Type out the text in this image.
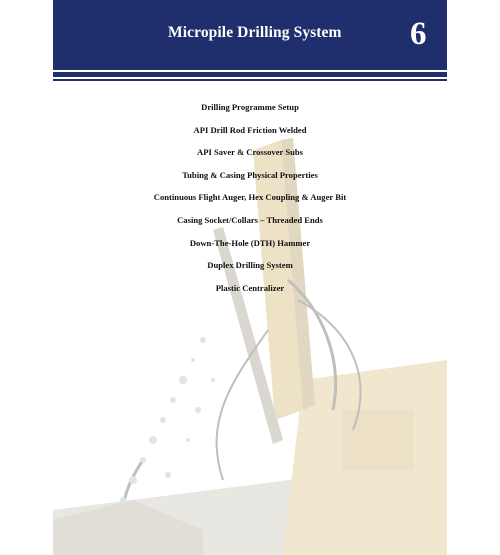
Micropile Drilling System 6
Drilling Programme Setup
API Drill Rod Friction Welded
API Saver & Crossover Subs
Tubing & Casing Physical Properties
Continuous Flight Auger, Hex Coupling & Auger Bit
Casing Socket/Collars – Threaded Ends
Down-The-Hole (DTH) Hammer
Duplex Drilling System
Plastic Centralizer
